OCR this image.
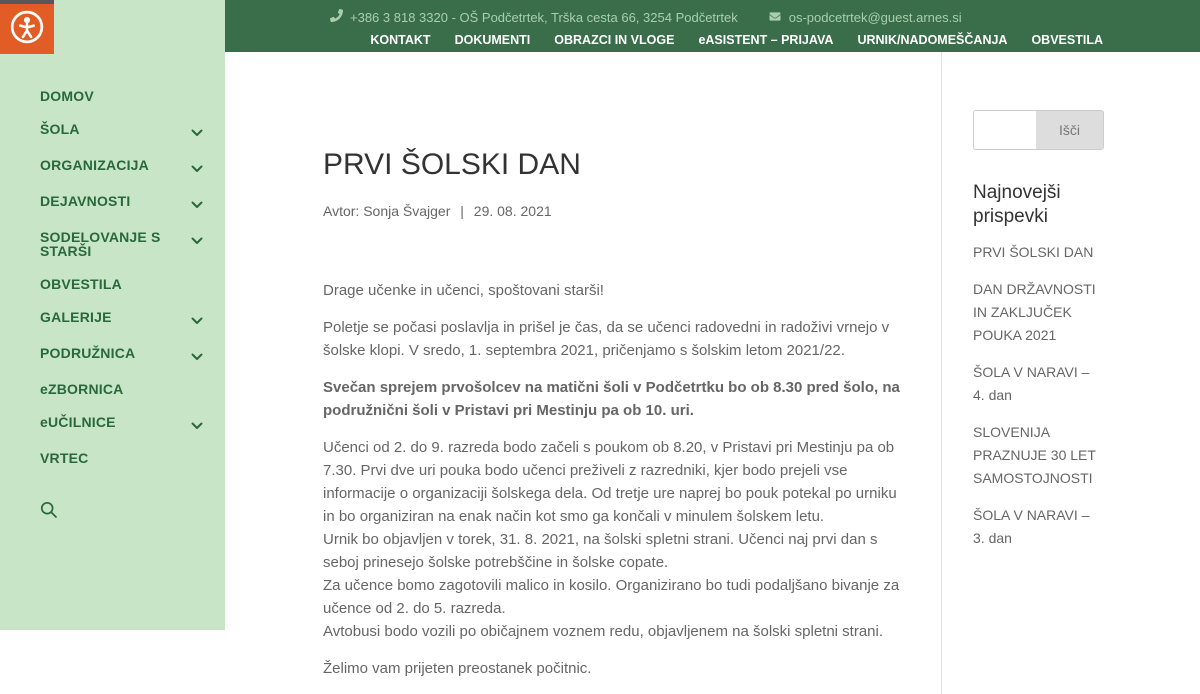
DOMOV
ŠOLA
ORGANIZACIJA
DEJAVNOSTI
SODELOVANJE S STARŠI
OBVESTILA
GALERIJE
PODRUŽNICA
eZBORNICA
eUČILNICE
VRTEC
+386 3 818 3320 - OŠ Podčetrtek, Trška cesta 66, 3254 Podčetrtek	os-podcetrtek@guest.arnes.si
KONTAKT DOKUMENTI OBRAZCI IN VLOGE eASISTENT – PRIJAVA URNIK/NADOMEŠČANJA OBVESTILA
PRVI ŠOLSKI DAN
Avtor: Sonja Švajger | 29. 08. 2021

Drage učenke in učenci, spoštovani starši!

Poletje se počasi poslavlja in prišel je čas, da se učenci radovedni in radoživi vrnejo v šolske klopi. V sredo, 1. septembra 2021, pričenjamo s šolskim letom 2021/22.

Svečan sprejem prvošolcev na matični šoli v Podčetrtku bo ob 8.30 pred šolo, na podružnični šoli v Pristavi pri Mestinju pa ob 10. uri.

Učenci od 2. do 9. razreda bodo začeli s poukom ob 8.20, v Pristavi pri Mestinju pa ob 7.30. Prvi dve uri pouka bodo učenci preživeli z razredniki, kjer bodo prejeli vse informacije o organizaciji šolskega dela. Od tretje ure naprej bo pouk potekal po urniku in bo organiziran na enak način kot smo ga končali v minulem šolskem letu.
Urnik bo objavljen v torek, 31. 8. 2021, na šolski spletni strani. Učenci naj prvi dan s seboj prinesejo šolske potrebščine in šolske copate.
Za učence bomo zagotovili malico in kosilo. Organizirano bo tudi podaljšano bivanje za učence od 2. do 5. razreda.
Avtobusi bodo vozili po običajnem voznem redu, objavljenem na šolski spletni strani.

Želimo vam prijeten preostanek počitnic.

Išči
Najnovejši prispevki
PRVI ŠOLSKI DAN
DAN DRŽAVNOSTI IN ZAKLJUČEK POUKA 2021
ŠOLA V NARAVI – 4. dan
SLOVENIJA PRAZNUJE 30 LET SAMOSTOJNOSTI
ŠOLA V NARAVI – 3. dan
